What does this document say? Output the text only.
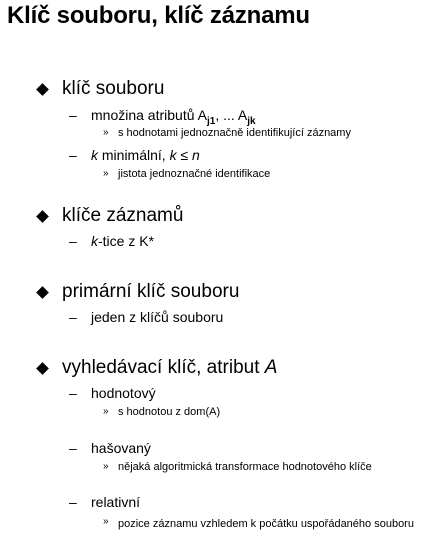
Klíč souboru, klíč záznamu
klíč souboru
– množina atributů $A_{j1}$, ... $A_{jk}$
» s hodnotami jednoznačně identifikující záznamy
– k minimální, k ≤ n
» jistota jednoznačné identifikace
klíče záznamů
– k-tice z K*
primární klíč souboru
– jeden z klíčů souboru
vyhledávací klíč, atribut A
– hodnotový
» s hodnotou z dom(A)
– hašovaný
» nějaká algoritmická transformace hodnotového klíče
– relativní
» pozice záznamu vzhledem k počátku uspořádaného souboru
